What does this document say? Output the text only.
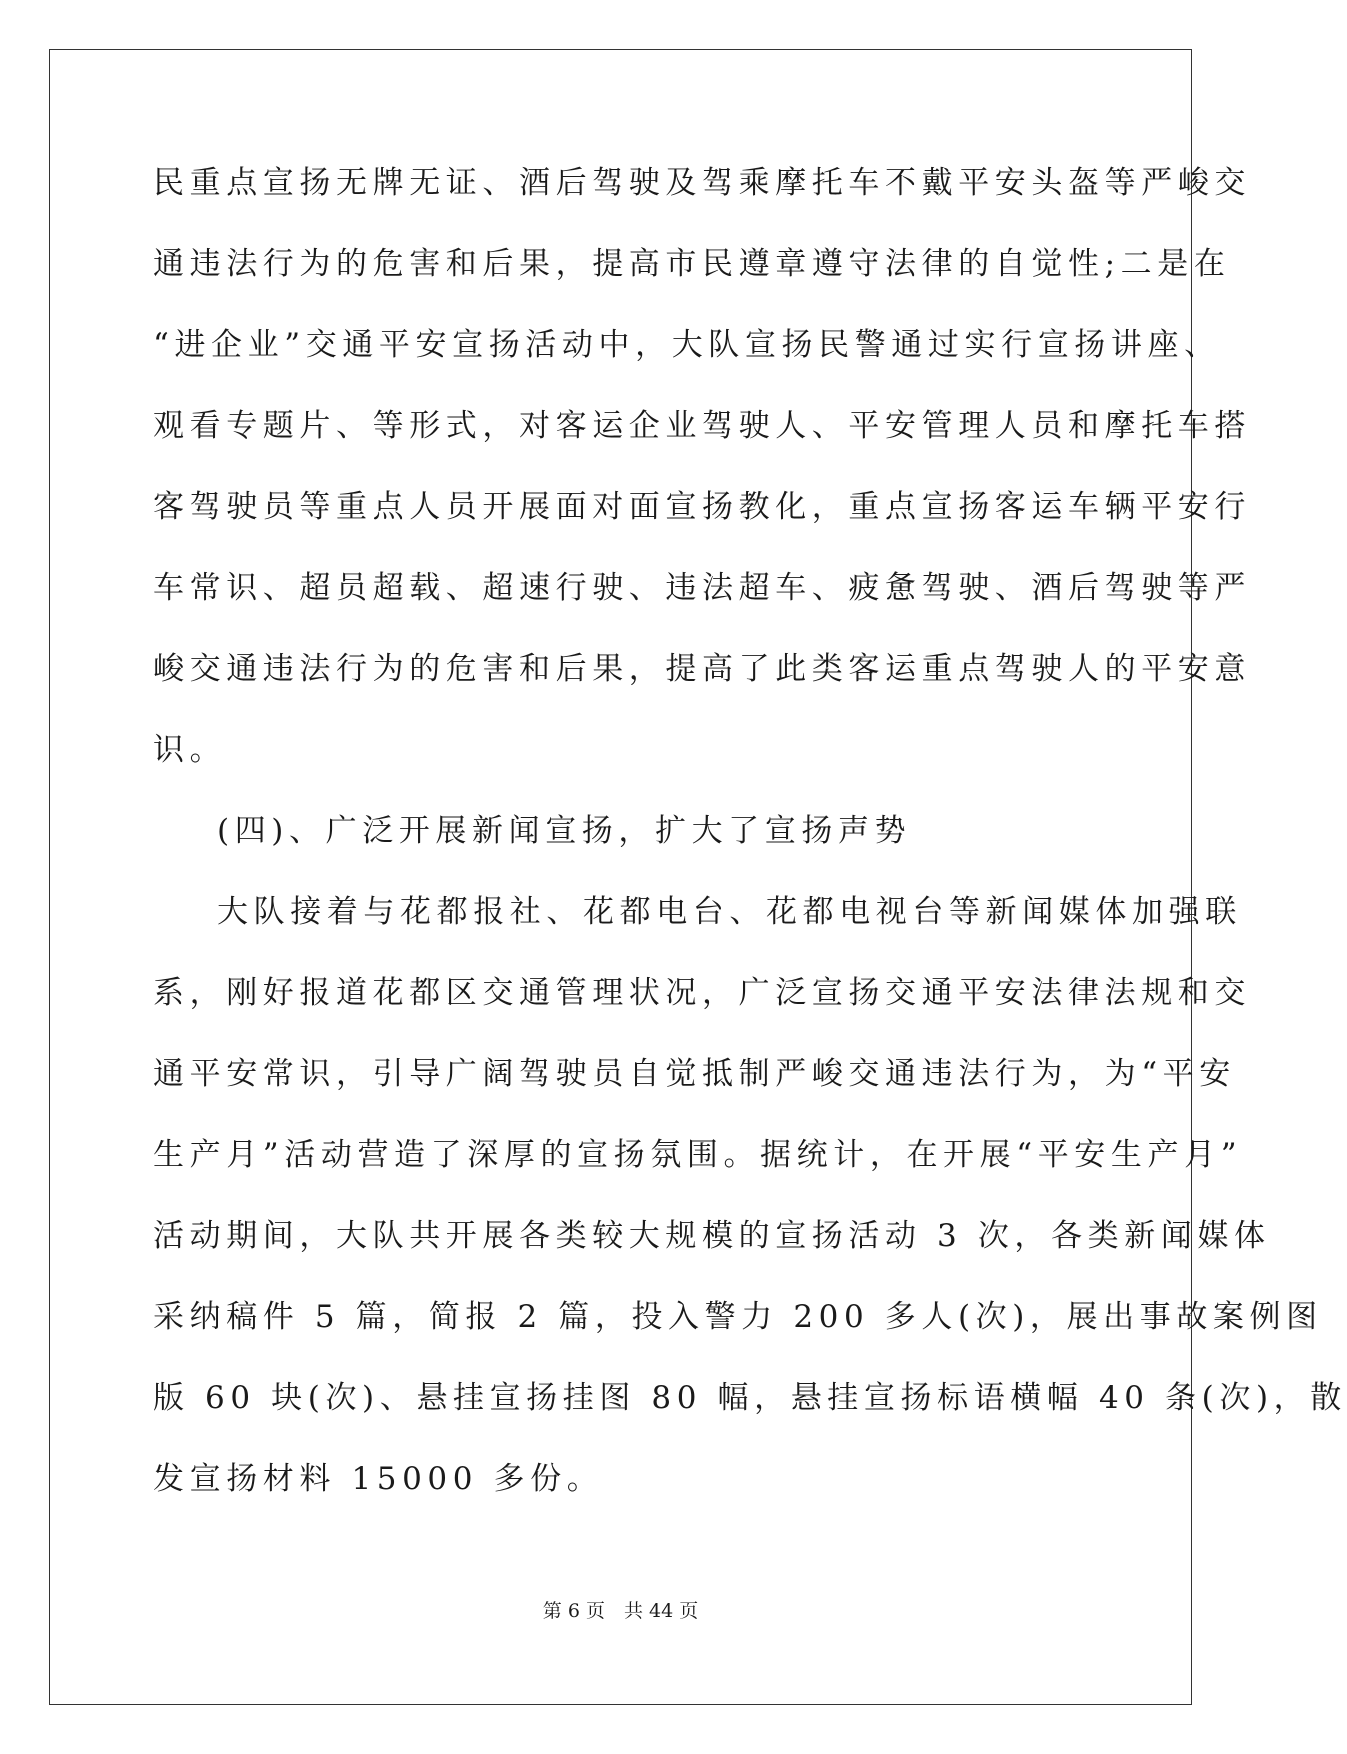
民重点宣扬无牌无证、酒后驾驶及驾乘摩托车不戴平安头盔等严峻交
通违法行为的危害和后果，提高市民遵章遵守法律的自觉性;二是在
“进企业”交通平安宣扬活动中，大队宣扬民警通过实行宣扬讲座、
观看专题片、等形式，对客运企业驾驶人、平安管理人员和摩托车搭
客驾驶员等重点人员开展面对面宣扬教化，重点宣扬客运车辆平安行
车常识、超员超载、超速行驶、违法超车、疲惫驾驶、酒后驾驶等严
峻交通违法行为的危害和后果，提高了此类客运重点驾驶人的平安意
识。
(四)、广泛开展新闻宣扬，扩大了宣扬声势
大队接着与花都报社、花都电台、花都电视台等新闻媒体加强联
系，刚好报道花都区交通管理状况，广泛宣扬交通平安法律法规和交
通平安常识，引导广阔驾驶员自觉抵制严峻交通违法行为，为“平安
生产月”活动营造了深厚的宣扬氛围。据统计，在开展“平安生产月”
活动期间，大队共开展各类较大规模的宣扬活动 3 次，各类新闻媒体
采纳稿件 5 篇，简报 2 篇，投入警力 200 多人(次)，展出事故案例图
版 60 块(次)、悬挂宣扬挂图 80 幅，悬挂宣扬标语横幅 40 条(次)，散
发宣扬材料 15000 多份。
第 6 页　共 44 页
